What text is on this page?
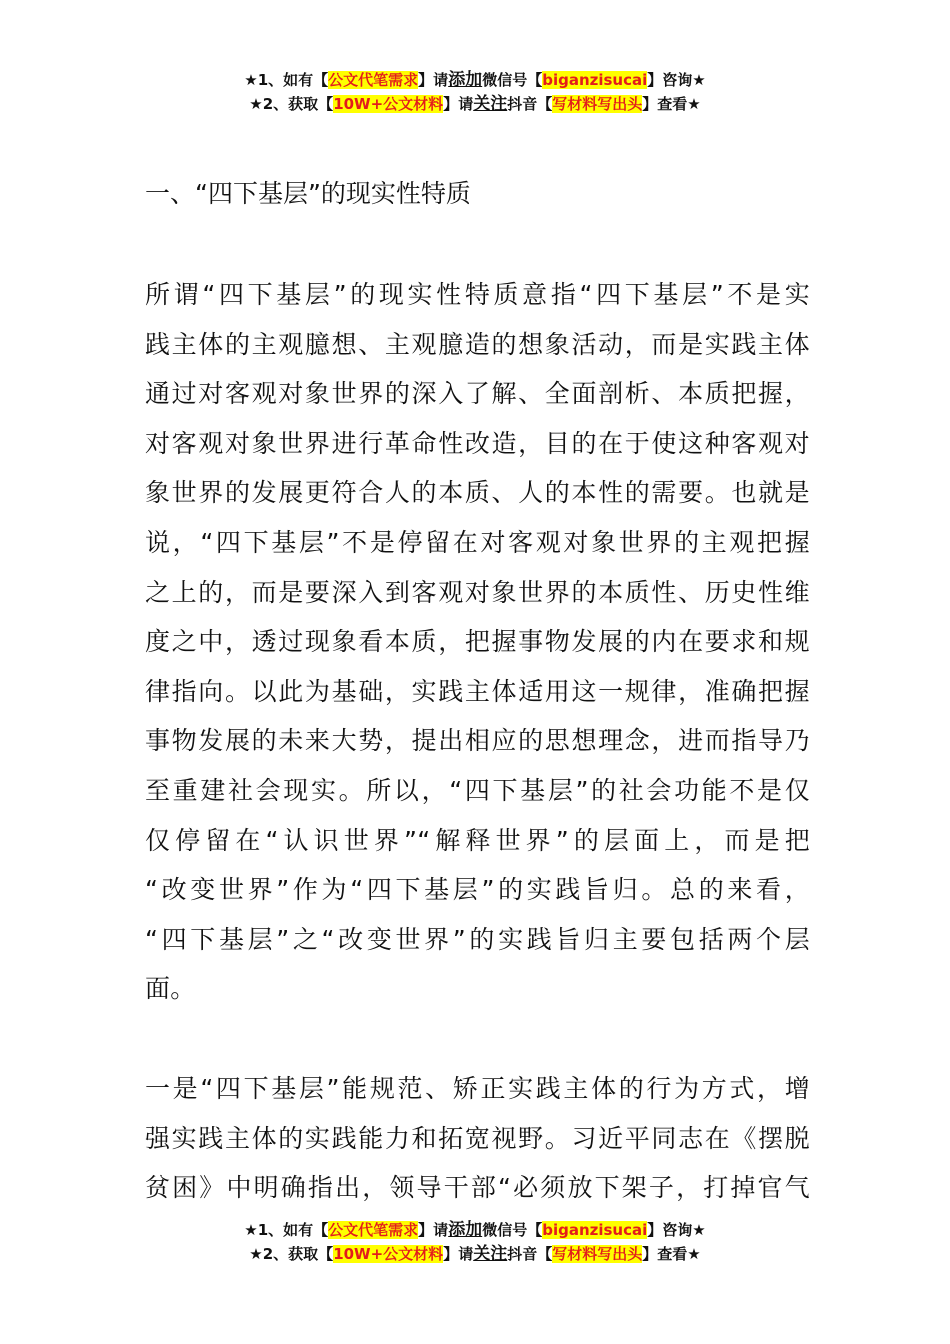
★1、如有【公文代笔需求】请添加微信号【biganzisucai】咨询★
★2、获取【10W+公文材料】请关注抖音【写材料写出头】查看★
一、“四下基层”的现实性特质
所谓“四下基层”的现实性特质意指“四下基层”不是实
践主体的主观臆想、主观臆造的想象活动，而是实践主体
通过对客观对象世界的深入了解、全面剖析、本质把握，
对客观对象世界进行革命性改造，目的在于使这种客观对
象世界的发展更符合人的本质、人的本性的需要。也就是
说，“四下基层”不是停留在对客观对象世界的主观把握
之上的，而是要深入到客观对象世界的本质性、历史性维
度之中，透过现象看本质，把握事物发展的内在要求和规
律指向。以此为基础，实践主体适用这一规律，准确把握
事物发展的未来大势，提出相应的思想理念，进而指导乃
至重建社会现实。所以，“四下基层”的社会功能不是仅
仅停留在“认识世界”“解释世界”的层面上，而是把
“改变世界”作为“四下基层”的实践旨归。总的来看，
“四下基层”之“改变世界”的实践旨归主要包括两个层
面。
一是“四下基层”能规范、矫正实践主体的行为方式，增
强实践主体的实践能力和拓宽视野。习近平同志在《摆脱
贫困》中明确指出，领导干部“必须放下架子，打掉官气
★1、如有【公文代笔需求】请添加微信号【biganzisucai】咨询★
★2、获取【10W+公文材料】请关注抖音【写材料写出头】查看★
